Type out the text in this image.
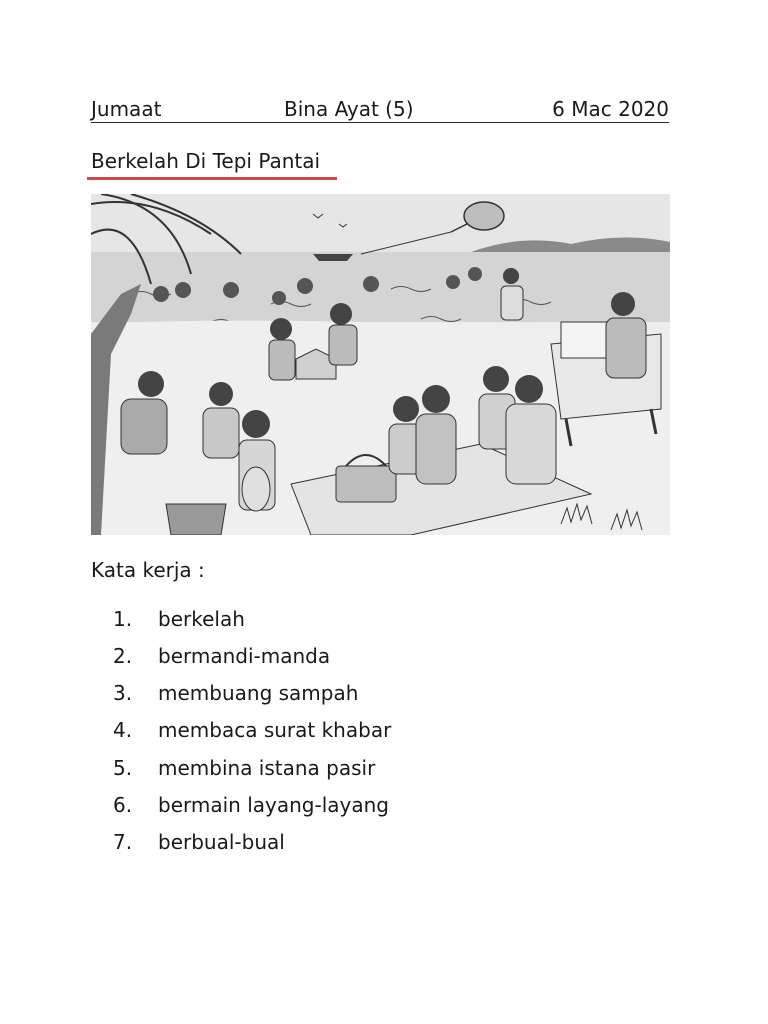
Jumaat	Bina Ayat (5)	6 Mac 2020
Berkelah Di Tepi Pantai
Kata kerja :
1.	berkelah
2.	bermandi-manda
3.	membuang sampah
4.	membaca surat khabar
5.	membina istana pasir
6.	bermain layang-layang
7.	berbual-bual
